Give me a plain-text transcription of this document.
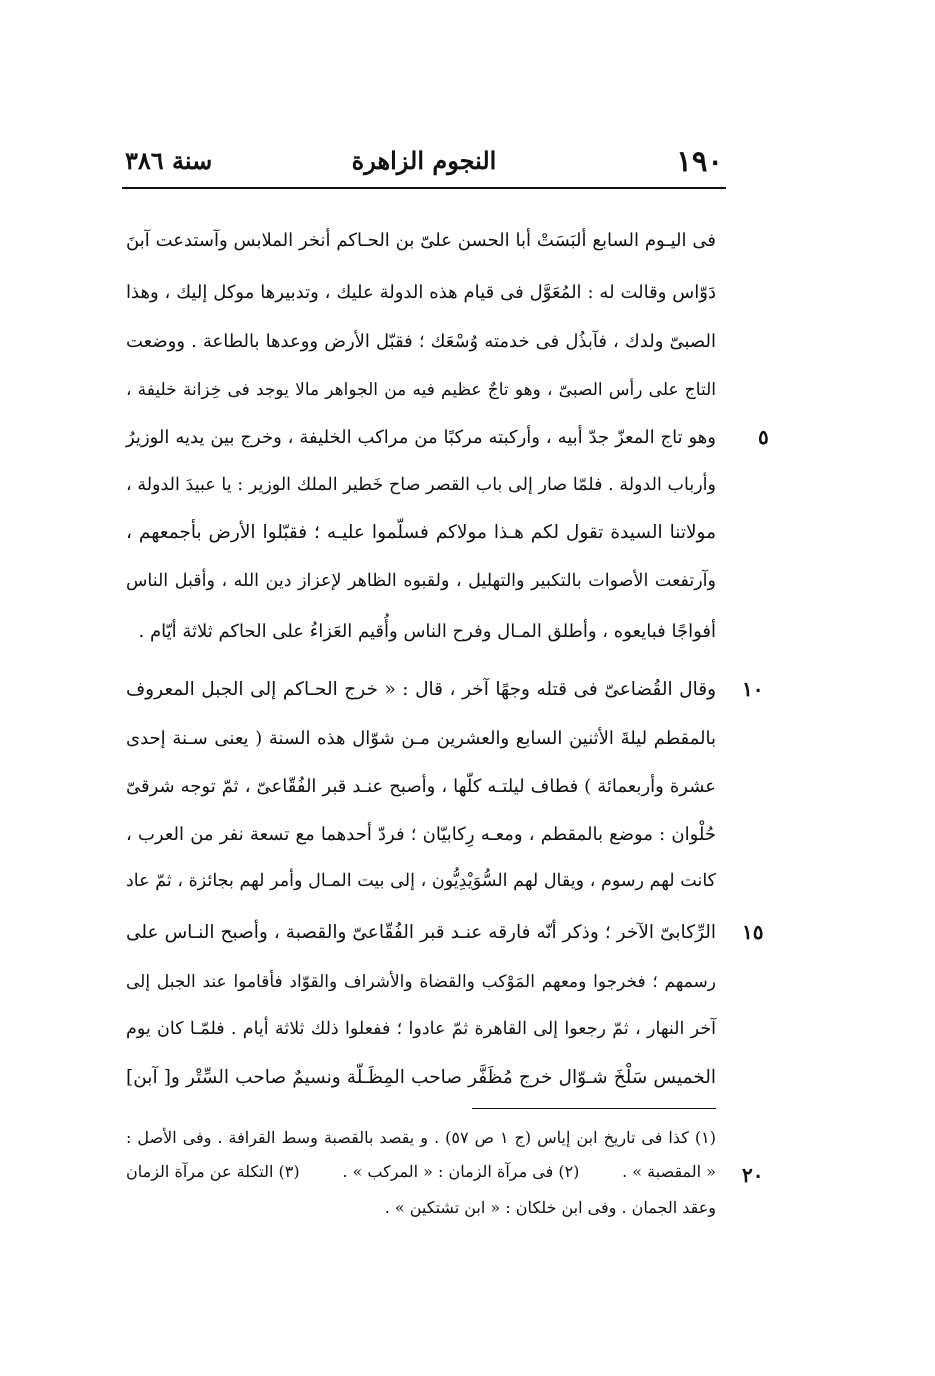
١٩٠
النجوم الزاهرة
سنة ٣٨٦
فى اليـوم السابع ألبَسَتْ أبا الحسن علىّ بن الحـاكم أنخر الملابس وآستدعت آبنَ
دَوّاس وقالت له : المُعَوَّل فى قيام هذه الدولة عليك ، وتدبيرها موكل إليك ، وهذا
الصبىّ ولدك ، فآبذُل فى خدمته وُسْعَك ؛ فقبّل الأرض ووعدها بالطاعة . ووضعت
التاج على رأس الصبىّ ، وهو تاجٌ عظيم فيه من الجواهر مالا يوجد فى خِزانة خليفة ،
وهو تاج المعزّ جدّ أبيه ، وأركبته مركبًا من مراكب الخليفة ، وخرج بين يديه الوزيرُ
وأرباب الدولة . فلمّا صار إلى باب القصر صاح خَطير الملك الوزير : يا عبيدَ الدولة ،
مولاتنا السيدة تقول لكم هـذا مولاكم فسلّموا عليـه ؛ فقبّلوا الأرض بأجمعهم ،
وآرتفعت الأصوات بالتكبير والتهليل ، ولقبوه الظاهر لإعزاز دين الله ، وأقبل الناس
أفواجًا فبايعوه ، وأطلق المـال وفرح الناس وأُقيم العَزاءُ على الحاكم ثلاثة أيّام .
وقال القُضاعىّ فى قتله وجهًا آخر ، قال : « خرج الحـاكم إلى الجبل المعروف
بالمقطم ليلةَ الأثنين السابع والعشرين مـن شوّال هذه السنة ( يعنى سـنة إحدى
عشرة وأربعمائة ) فطاف ليلتـه كلّها ، وأصبح عنـد قبر الفُقّاعىّ ، ثمّ توجه شرقىّ
حُلْوان : موضع بالمقطم ، ومعـه رِكابيّان ؛ فردّ أحدهما مع تسعة نفر من العرب ،
كانت لهم رسوم ، ويقال لهم السُّوَيْدِيُّون ، إلى بيت المـال وأمر لهم بجائزة ، ثمّ عاد
الرِّكابىّ الآخر ؛ وذكر أنّه فارقه عنـد قبر الفُقّاعىّ والقصبة ، وأصبح النـاس على
رسمهم ؛ فخرجوا ومعهم المَوْكب والقضاة والأشراف والقوّاد فأقاموا عند الجبل إلى
آخر النهار ، ثمّ رجعوا إلى القاهرة ثمّ عادوا ؛ ففعلوا ذلك ثلاثة أيام . فلمّـا كان يوم
الخميس سَلْخَ شـوّال خرج مُظَفَّر صاحب المِظَـلّة ونسيمٌ صاحب السِّتْر و[ آبن]
٥
١٠
١٥
٢٠
(١) كذا فى تاريخ ابن إياس (ج ١ ص ٥٧) . و يقصد بالقصبة وسط القرافة . وفى الأصل :
« المقصبة » .
(٢) فى مرآة الزمان : « المركب » .
(٣) التكلة عن مرآة الزمان
وعقد الجمان . وفى ابن خلكان : « ابن تشتكين » .
